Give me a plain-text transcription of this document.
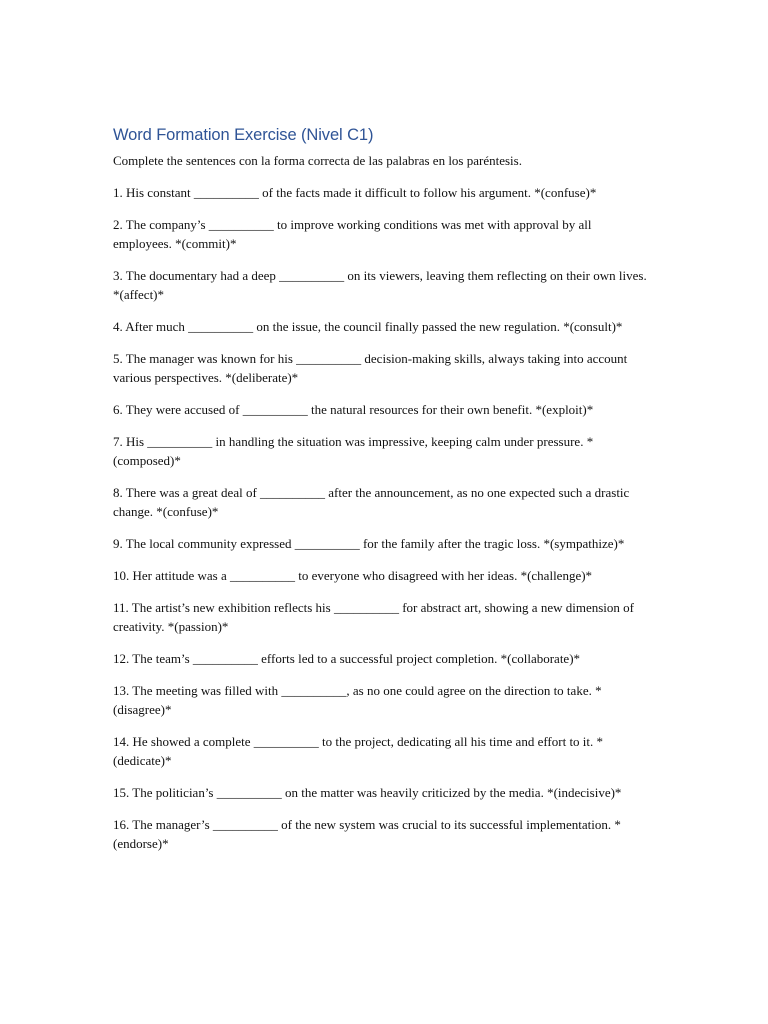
Word Formation Exercise (Nivel C1)

Complete the sentences con la forma correcta de las palabras en los paréntesis.

1. His constant __________ of the facts made it difficult to follow his argument. *(confuse)*
2. The company’s __________ to improve working conditions was met with approval by all employees. *(commit)*
3. The documentary had a deep __________ on its viewers, leaving them reflecting on their own lives. *(affect)*
4. After much __________ on the issue, the council finally passed the new regulation. *(consult)*
5. The manager was known for his __________ decision-making skills, always taking into account various perspectives. *(deliberate)*
6. They were accused of __________ the natural resources for their own benefit. *(exploit)*
7. His __________ in handling the situation was impressive, keeping calm under pressure. *(composed)*
8. There was a great deal of __________ after the announcement, as no one expected such a drastic change. *(confuse)*
9. The local community expressed __________ for the family after the tragic loss. *(sympathize)*
10. Her attitude was a __________ to everyone who disagreed with her ideas. *(challenge)*
11. The artist’s new exhibition reflects his __________ for abstract art, showing a new dimension of creativity. *(passion)*
12. The team’s __________ efforts led to a successful project completion. *(collaborate)*
13. The meeting was filled with __________, as no one could agree on the direction to take. *(disagree)*
14. He showed a complete __________ to the project, dedicating all his time and effort to it. *(dedicate)*
15. The politician’s __________ on the matter was heavily criticized by the media. *(indecisive)*
16. The manager’s __________ of the new system was crucial to its successful implementation. *(endorse)*
